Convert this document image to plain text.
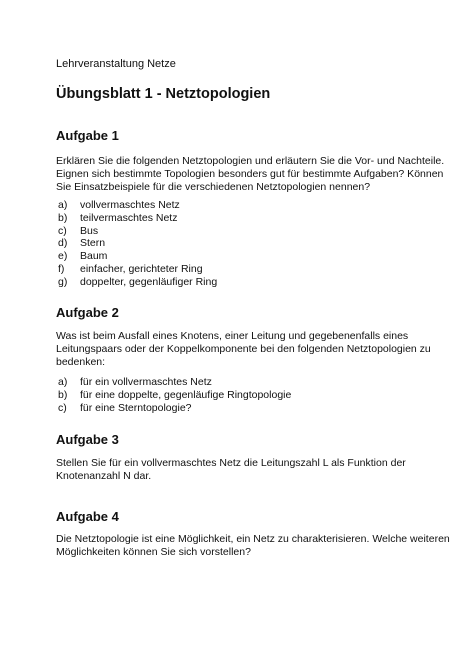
Lehrveranstaltung Netze
Übungsblatt 1 - Netztopologien
Aufgabe 1
Erklären Sie die folgenden Netztopologien und erläutern Sie die Vor- und Nachteile.
Eignen sich bestimmte Topologien besonders gut für bestimmte Aufgaben? Können
Sie Einsatzbeispiele für die verschiedenen Netztopologien nennen?
a) vollvermaschtes Netz
b) teilvermaschtes Netz
c) Bus
d) Stern
e) Baum
f) einfacher, gerichteter Ring
g) doppelter, gegenläufiger Ring
Aufgabe 2
Was ist beim Ausfall eines Knotens, einer Leitung und gegebenenfalls eines
Leitungspaars oder der Koppelkomponente bei den folgenden Netztopologien zu
bedenken:
a) für ein vollvermaschtes Netz
b) für eine doppelte, gegenläufige Ringtopologie
c) für eine Sterntopologie?
Aufgabe 3
Stellen Sie für ein vollvermaschtes Netz die Leitungszahl L als Funktion der
Knotenanzahl N dar.
Aufgabe 4
Die Netztopologie ist eine Möglichkeit, ein Netz zu charakterisieren. Welche weiteren
Möglichkeiten können Sie sich vorstellen?
